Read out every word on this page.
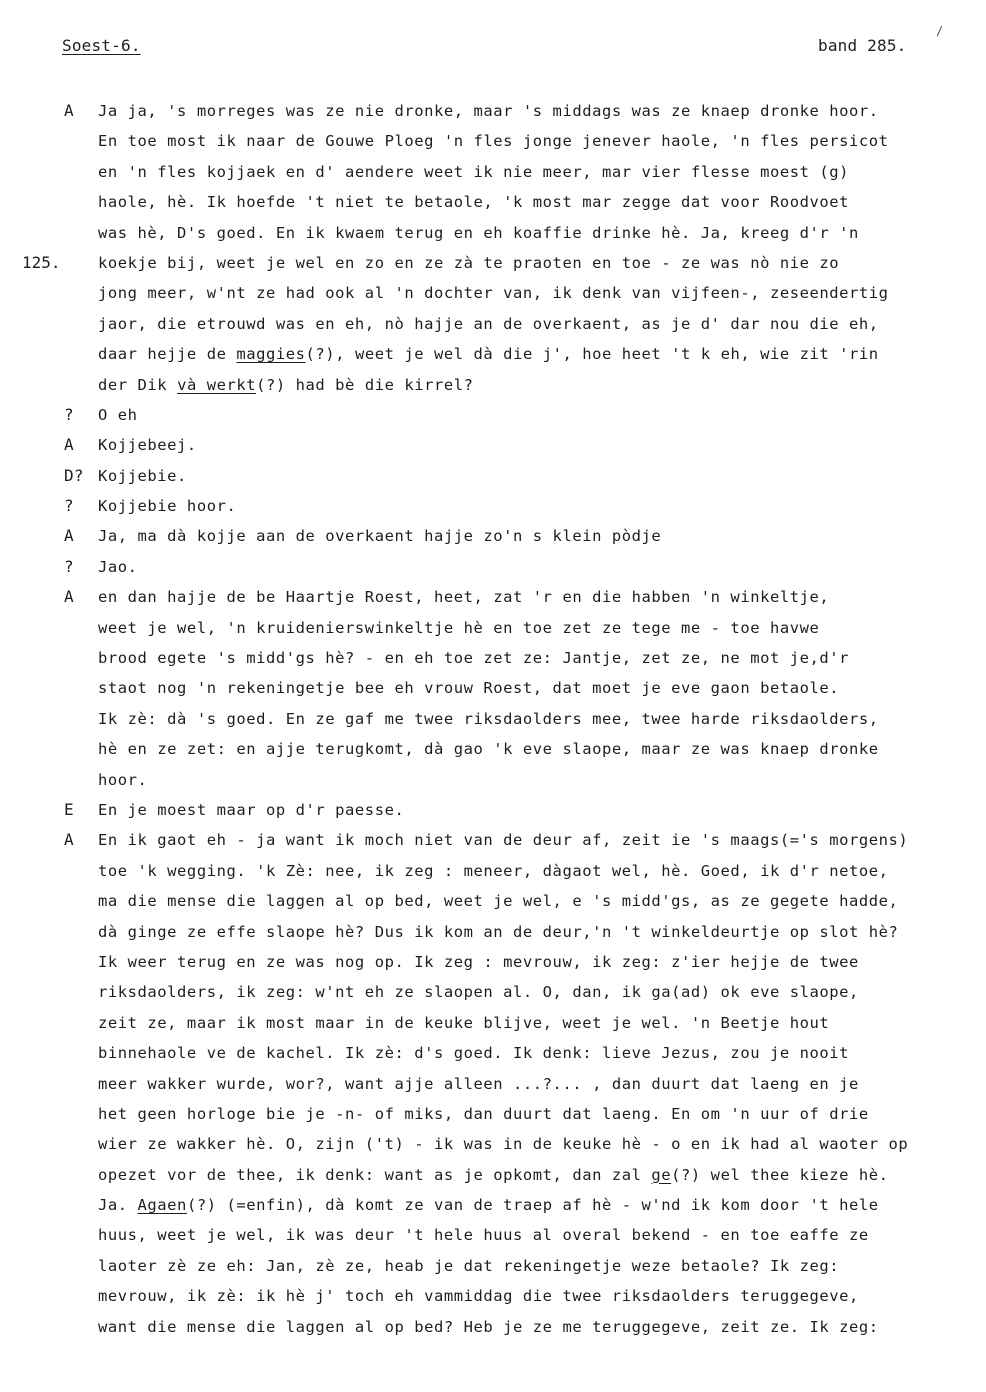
Soest-6.	band 285.
/
A Ja ja, 's morreges was ze nie dronke, maar 's middags was ze knaep dronke hoor.
En toe most ik naar de Gouwe Ploeg 'n fles jonge jenever haole, 'n fles persicot
en 'n fles kojjaek en d' aendere weet ik nie meer, mar vier flesse moest (g)
haole, hè. Ik hoefde 't niet te betaole, 'k most mar zegge dat voor Roodvoet
was hè, D's goed. En ik kwaem terug en eh koaffie drinke hè. Ja, kreeg d'r 'n
125. koekje bij, weet je wel en zo en ze zà te praoten en toe - ze was nò nie zo
jong meer, w'nt ze had ook al 'n dochter van, ik denk van vijfeen-, zeseendertig
jaor, die etrouwd was en eh, nò hajje an de overkaent, as je d' dar nou die eh,
daar hejje de maggies(?), weet je wel dà die j', hoe heet 't k eh, wie zit 'rin
der Dik và werkt(?) had bè die kirrel?
? O eh
A Kojjebeej.
D? Kojjebie.
? Kojjebie hoor.
A Ja, ma dà kojje aan de overkaent hajje zo'n s klein pòdje
? Jao.
A en dan hajje de be Haartje Roest, heet, zat 'r en die habben 'n winkeltje,
weet je wel, 'n kruidenierswinkeltje hè en toe zet ze tege me - toe havwe
brood egete 's midd'gs hè? - en eh toe zet ze: Jantje, zet ze, ne mot je,d'r
staot nog 'n rekeningetje bee eh vrouw Roest, dat moet je eve gaon betaole.
Ik zè: dà 's goed. En ze gaf me twee riksdaolders mee, twee harde riksdaolders,
hè en ze zet: en ajje terugkomt, dà gao 'k eve slaope, maar ze was knaep dronke
hoor.
E En je moest maar op d'r paesse.
A En ik gaot eh - ja want ik moch niet van de deur af, zeit ie 's maags(='s morgens)
toe 'k wegging. 'k Zè: nee, ik zeg : meneer, dàgaot wel, hè. Goed, ik d'r netoe,
ma die mense die laggen al op bed, weet je wel, e 's midd'gs, as ze gegete hadde,
dà ginge ze effe slaope hè? Dus ik kom an de deur,'n 't winkeldeurtje op slot hè?
Ik weer terug en ze was nog op. Ik zeg : mevrouw, ik zeg: z'ier hejje de twee
riksdaolders, ik zeg: w'nt eh ze slaopen al. O, dan, ik ga(ad) ok eve slaope,
zeit ze, maar ik most maar in de keuke blijve, weet je wel. 'n Beetje hout
binnehaole ve de kachel. Ik zè: d's goed. Ik denk: lieve Jezus, zou je nooit
meer wakker wurde, wor?, want ajje alleen ...?... , dan duurt dat laeng en je
het geen horloge bie je -n- of miks, dan duurt dat laeng. En om 'n uur of drie
wier ze wakker hè. O, zijn ('t) - ik was in de keuke hè - o en ik had al waoter op
opezet vor de thee, ik denk: want as je opkomt, dan zal ge(?) wel thee kieze hè.
Ja. Agaen(?) (=enfin), dà komt ze van de traep af hè - w'nd ik kom door 't hele
huus, weet je wel, ik was deur 't hele huus al overal bekend - en toe eaffe ze
laoter zè ze eh: Jan, zè ze, heab je dat rekeningetje weze betaole? Ik zeg:
mevrouw, ik zè: ik hè j' toch eh vammiddag die twee riksdaolders teruggegeve,
want die mense die laggen al op bed? Heb je ze me teruggegeve, zeit ze. Ik zeg:
